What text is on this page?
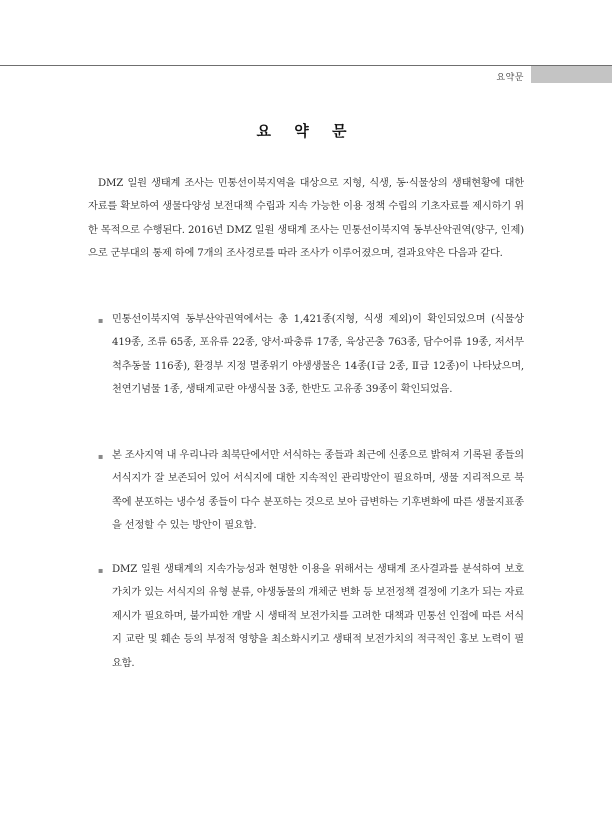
요약문
요 약 문

DMZ 일원 생태계 조사는 민통선이북지역을 대상으로 지형, 식생, 동·식물상의 생태현황에 대한 자료를 확보하여 생물다양성 보전대책 수립과 지속 가능한 이용 정책 수립의 기초자료를 제시하기 위한 목적으로 수행된다. 2016년 DMZ 일원 생태계 조사는 민통선이북지역 동부산악권역(양구, 인제)으로 군부대의 통제 하에 7개의 조사경로를 따라 조사가 이루어졌으며, 결과요약은 다음과 같다.

▪ 민통선이북지역 동부산악권역에서는 총 1,421종(지형, 식생 제외)이 확인되었으며 (식물상 419종, 조류 65종, 포유류 22종, 양서·파충류 17종, 육상곤충 763종, 담수어류 19종, 저서무척추동물 116종), 환경부 지정 멸종위기 야생생물은 14종(Ⅰ급 2종, Ⅱ급 12종)이 나타났으며, 천연기념물 1종, 생태계교란 야생식물 3종, 한반도 고유종 39종이 확인되었음.

▪ 본 조사지역 내 우리나라 최북단에서만 서식하는 종들과 최근에 신종으로 밝혀져 기록된 종들의 서식지가 잘 보존되어 있어 서식지에 대한 지속적인 관리방안이 필요하며, 생물 지리적으로 북쪽에 분포하는 냉수성 종들이 다수 분포하는 것으로 보아 급변하는 기후변화에 따른 생물지표종을 선정할 수 있는 방안이 필요함.

▪ DMZ 일원 생태계의 지속가능성과 현명한 이용을 위해서는 생태계 조사결과를 분석하여 보호 가치가 있는 서식지의 유형 분류, 야생동물의 개체군 변화 등 보전정책 결정에 기초가 되는 자료 제시가 필요하며, 불가피한 개발 시 생태적 보전가치를 고려한 대책과 민통선 인접에 따른 서식지 교란 및 훼손 등의 부정적 영향을 최소화시키고 생태적 보전가치의 적극적인 홍보 노력이 필요함.
